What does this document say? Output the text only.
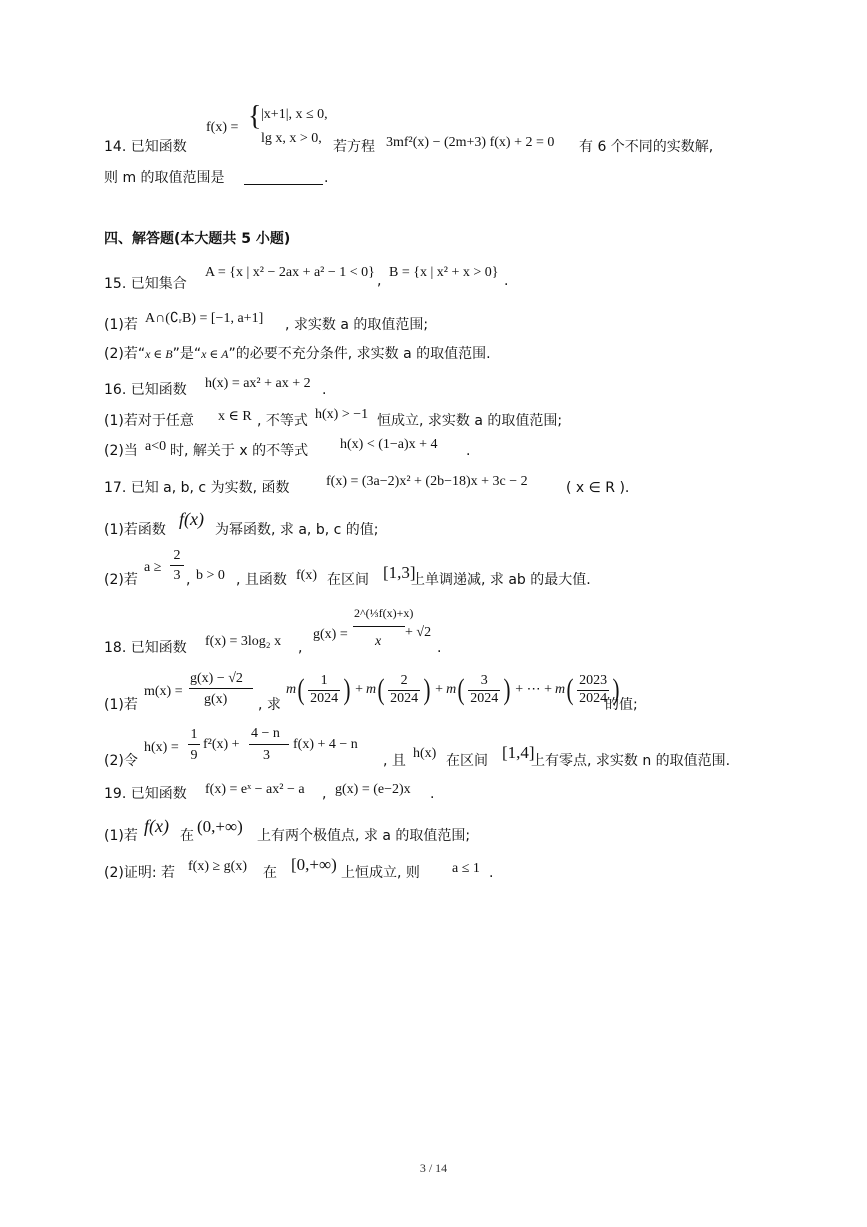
f(x) = { |x+1|, x ≤ 0,
lg x, x > 0,
14. 已知函数	若方程 3mf²(x) − (2m+3) f(x) + 2 = 0 有 6 个不同的实数解,
则 m 的取值范围是	.
四、解答题(本大题共 5 小题)
15. 已知集合
A = {x | x² − 2ax + a² − 1 < 0}
,
B = {x | x² + x > 0}
.
(1)若 A∩(∁ᵣB) = [−1, a+1] , 求实数 a 的取值范围;
(2)若“x ∈ B”是“x ∈ A”的必要不充分条件, 求实数 a 的取值范围.
16. 已知函数 h(x) = ax² + ax + 2 .
(1)若对于任意 x ∈ R , 不等式 h(x) > −1 恒成立, 求实数 a 的取值范围;
(2)当 a<0 时, 解关于 x 的不等式 h(x) < (1−a)x + 4 .
17. 已知 a, b, c 为实数, 函数	f(x) = (3a−2)x² + (2b−18)x + 3c − 2	( x ∈ R ).
(1)若函数
f(x)
为幂函数, 求 a, b, c 的值;
(2)若
a ≥
2
3 , b > 0 , 且函数 f(x) 在区间 [1,3]
上单调递减, 求 ab 的最大值.
18. 已知函数 f(x) = 3log₂ x ,
g(x) =
2^(⅓f(x)+x)
x
+ √2
.
(1)若
m(x) =
g(x) − √2
g(x) , 求
m ( $\frac{1}{2024}$ ) + m ( $\frac{2}{2024}$ ) + m ( $\frac{3}{2024}$ ) + ⋯ + m ( $\frac{2023}{2024}$ )
的值;
(2)令
h(x) =
1
9
f²(x) +
4 − n
3
f(x) + 4 − n
, 且 h(x) 在区间 [1,4]
上有零点, 求实数 n 的取值范围.
19. 已知函数 f(x) = eˣ − ax² − a , g(x) = (e−2)x .
(1)若 f(x) 在 (0,+∞) 上有两个极值点, 求 a 的取值范围;
(2)证明: 若 f(x) ≥ g(x) 在 [0,+∞) 上恒成立, 则 a ≤ 1 .
3 / 14
